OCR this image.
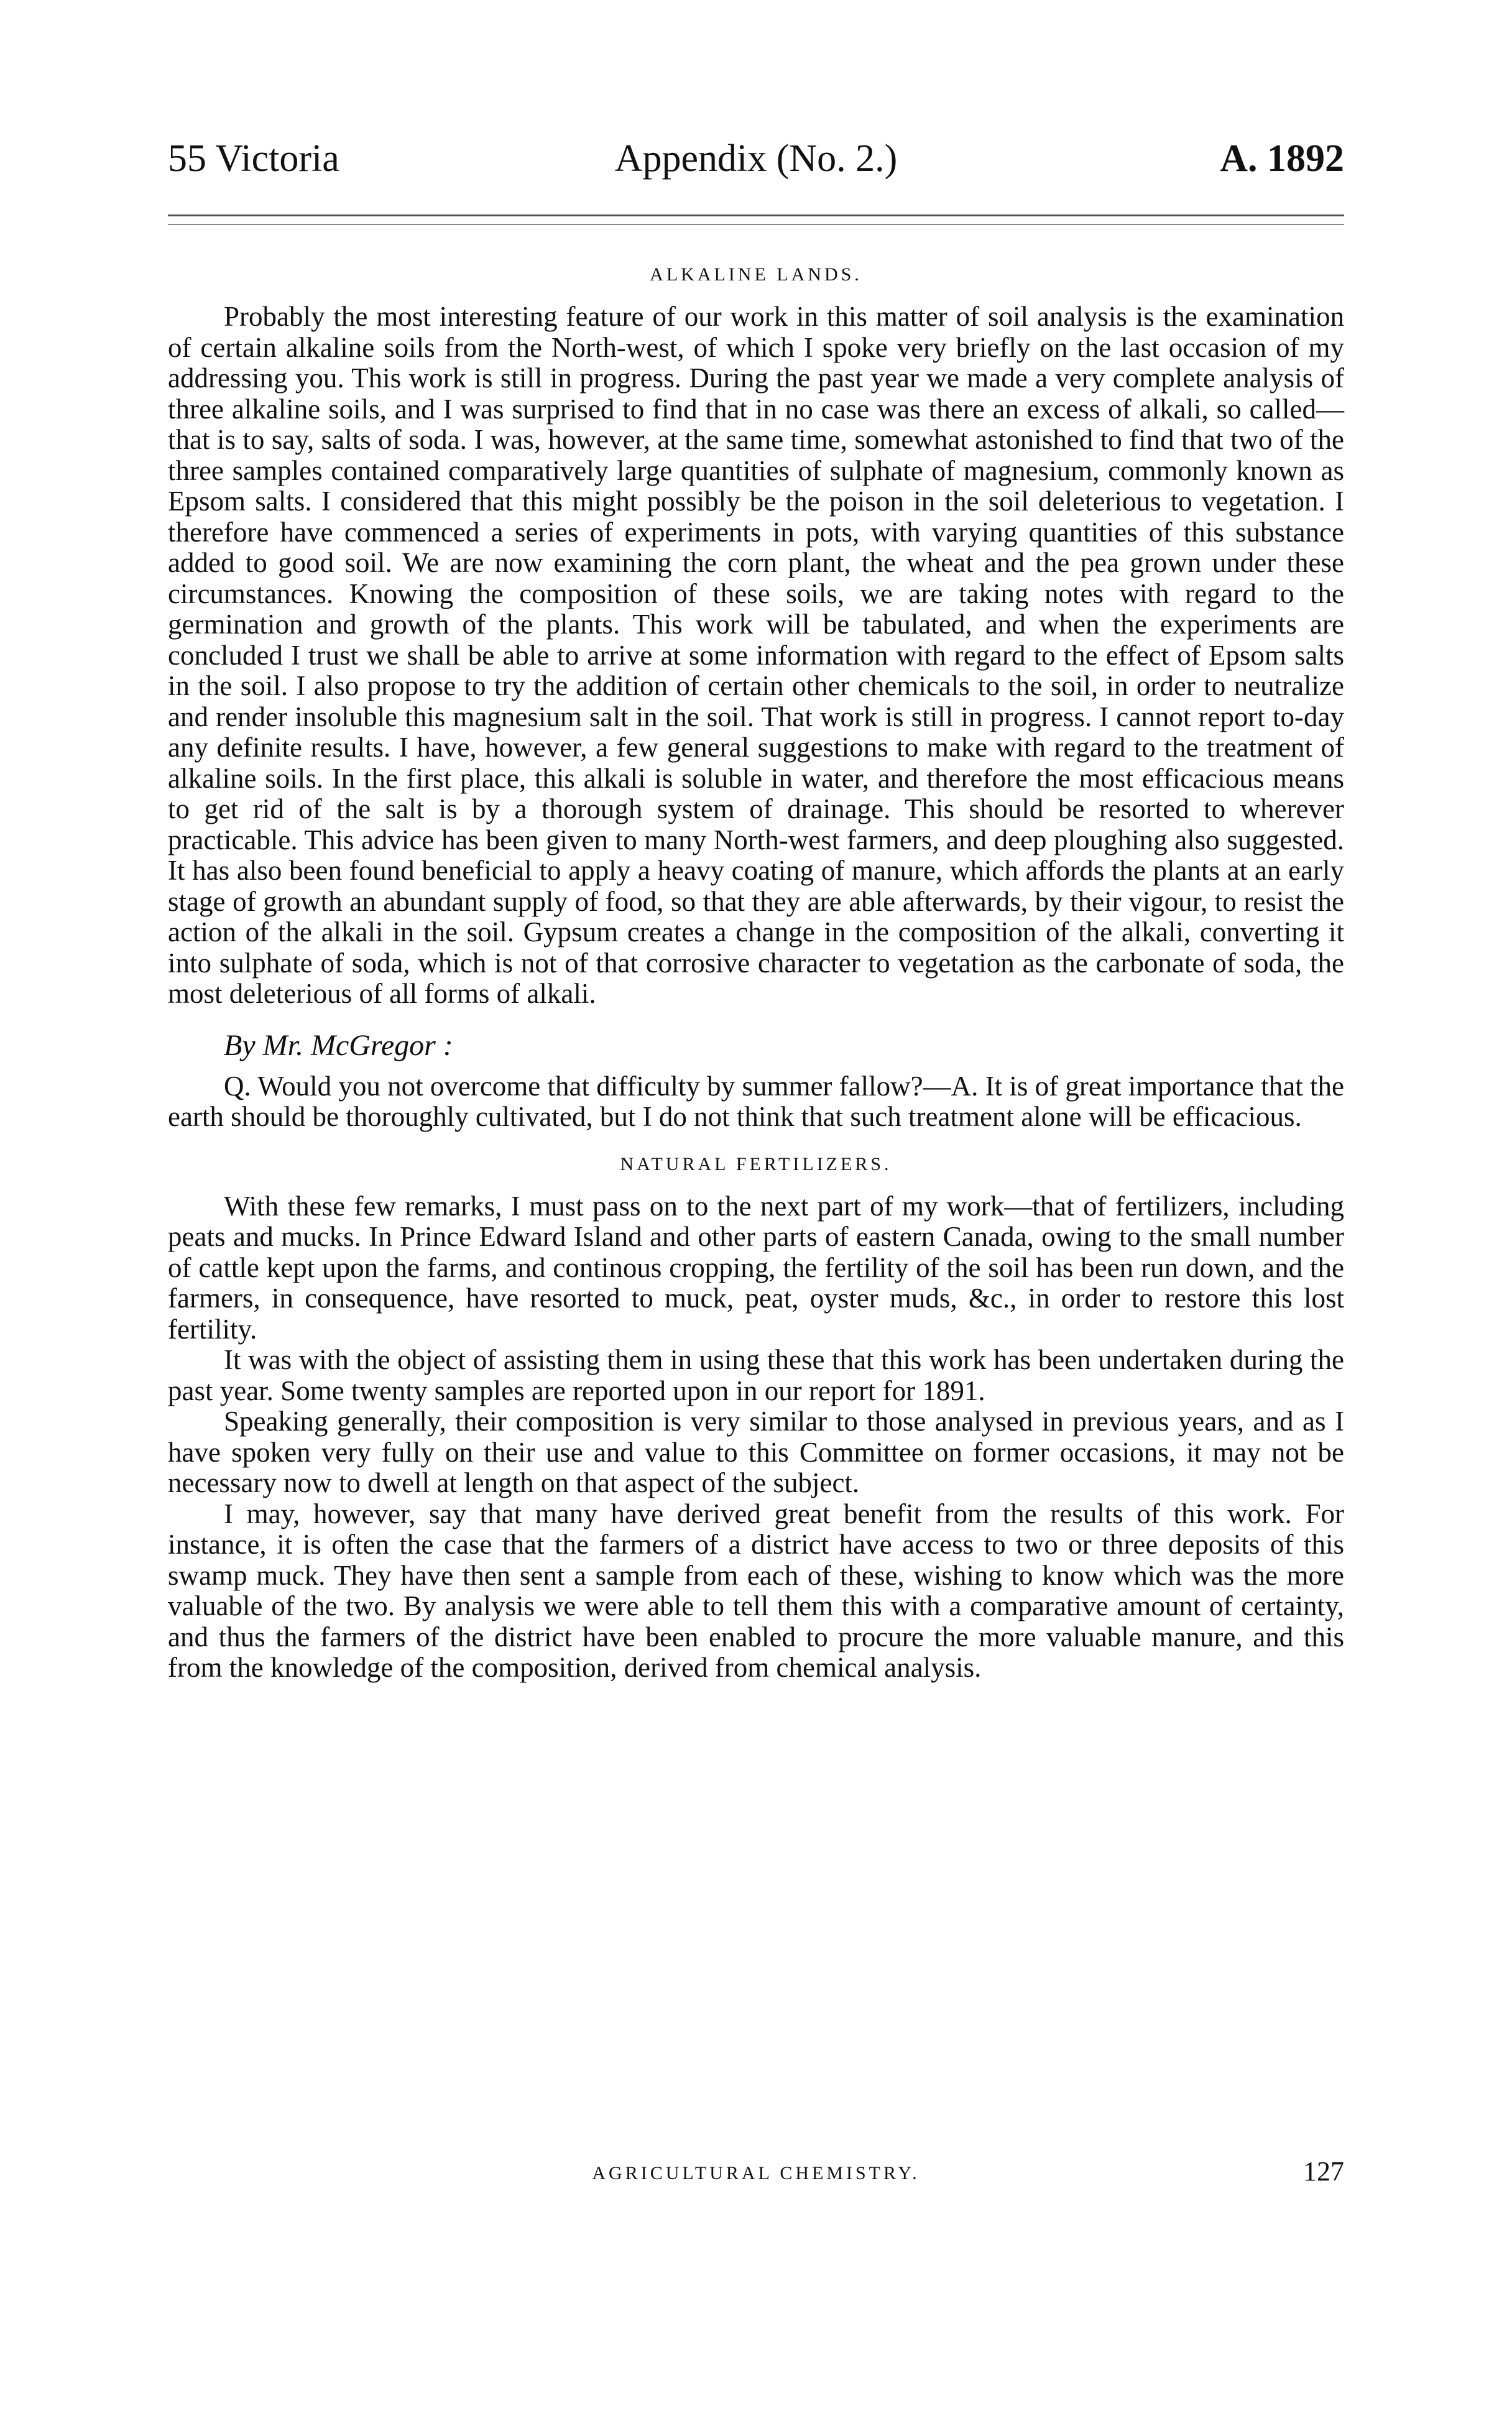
55 Victoria	Appendix (No. 2.)	A. 1892
ALKALINE LANDS.

Probably the most interesting feature of our work in this matter of soil analysis is the examination of certain alkaline soils from the North-west, of which I spoke very briefly on the last occasion of my addressing you. This work is still in progress. During the past year we made a very complete analysis of three alkaline soils, and I was surprised to find that in no case was there an excess of alkali, so called—that is to say, salts of soda. I was, however, at the same time, somewhat astonished to find that two of the three samples contained comparatively large quantities of sulphate of magnesium, commonly known as Epsom salts. I considered that this might possibly be the poison in the soil deleterious to vegetation. I therefore have commenced a series of experiments in pots, with varying quantities of this substance added to good soil. We are now examining the corn plant, the wheat and the pea grown under these circumstances. Knowing the composition of these soils, we are taking notes with regard to the germination and growth of the plants. This work will be tabulated, and when the experiments are concluded I trust we shall be able to arrive at some information with regard to the effect of Epsom salts in the soil. I also propose to try the addition of certain other chemicals to the soil, in order to neutralize and render insoluble this magnesium salt in the soil. That work is still in progress. I cannot report to-day any definite results. I have, however, a few general suggestions to make with regard to the treatment of alkaline soils. In the first place, this alkali is soluble in water, and therefore the most efficacious means to get rid of the salt is by a thorough system of drainage. This should be resorted to wherever practicable. This advice has been given to many North-west farmers, and deep ploughing also suggested. It has also been found beneficial to apply a heavy coating of manure, which affords the plants at an early stage of growth an abundant supply of food, so that they are able afterwards, by their vigour, to resist the action of the alkali in the soil. Gypsum creates a change in the composition of the alkali, converting it into sulphate of soda, which is not of that corrosive character to vegetation as the carbonate of soda, the most deleterious of all forms of alkali.

By Mr. McGregor :

Q. Would you not overcome that difficulty by summer fallow?—A. It is of great importance that the earth should be thoroughly cultivated, but I do not think that such treatment alone will be efficacious.

NATURAL FERTILIZERS.

With these few remarks, I must pass on to the next part of my work—that of fertilizers, including peats and mucks. In Prince Edward Island and other parts of eastern Canada, owing to the small number of cattle kept upon the farms, and continous cropping, the fertility of the soil has been run down, and the farmers, in consequence, have resorted to muck, peat, oyster muds, &c., in order to restore this lost fertility.

It was with the object of assisting them in using these that this work has been undertaken during the past year. Some twenty samples are reported upon in our report for 1891.

Speaking generally, their composition is very similar to those analysed in previous years, and as I have spoken very fully on their use and value to this Committee on former occasions, it may not be necessary now to dwell at length on that aspect of the subject.

I may, however, say that many have derived great benefit from the results of this work. For instance, it is often the case that the farmers of a district have access to two or three deposits of this swamp muck. They have then sent a sample from each of these, wishing to know which was the more valuable of the two. By analysis we were able to tell them this with a comparative amount of certainty, and thus the farmers of the district have been enabled to procure the more valuable manure, and this from the knowledge of the composition, derived from chemical analysis.

AGRICULTURAL CHEMISTRY.	127
